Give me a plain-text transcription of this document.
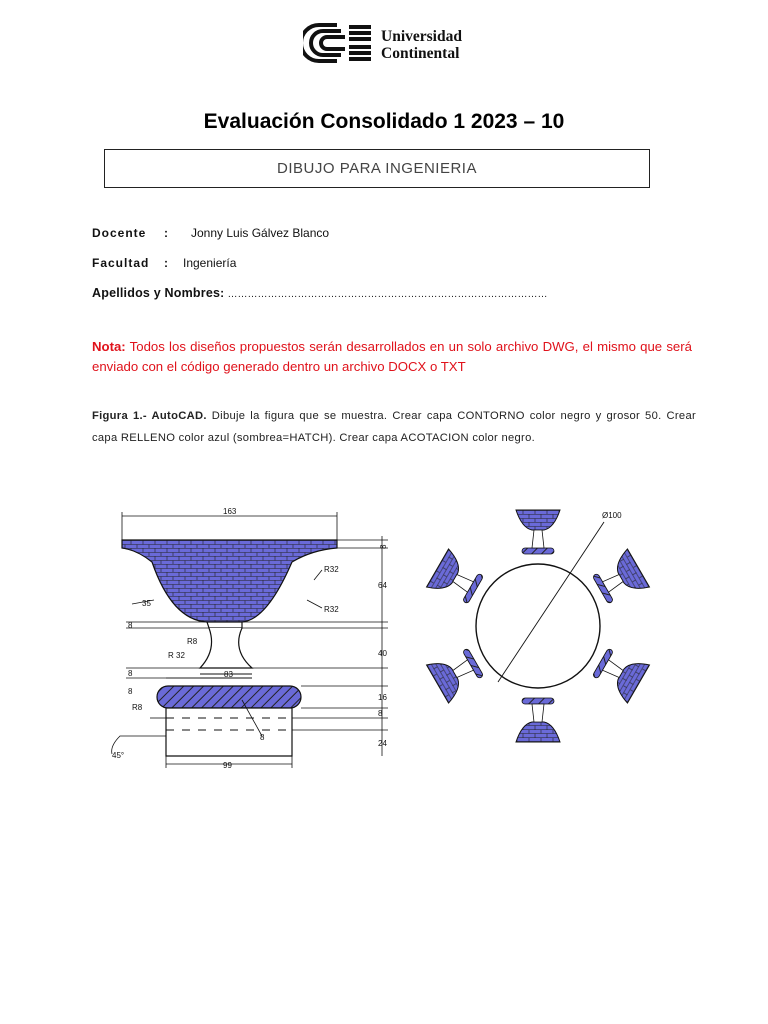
Universidad
Continental
Evaluación Consolidado 1 2023 – 10
DIBUJO PARA INGENIERIA
Docente : Jonny Luis Gálvez Blanco
Facultad : Ingeniería
Apellidos y Nombres: ……………………………………………………………………………………
Nota: Todos los diseños propuestos serán desarrollados en un solo archivo DWG, el mismo que será enviado con el código generado dentro un archivo DOCX o TXT
Figura 1.- AutoCAD. Dibuje la figura que se muestra. Crear capa CONTORNO color negro y grosor 50. Crear capa RELLENO color azul (sombrea=HATCH). Crear capa ACOTACION color negro.
163
8
64
R32
R32
35
8
R8
R 32	40
83
8
16
R8
8
8
8
24
45°
99
Ø100
